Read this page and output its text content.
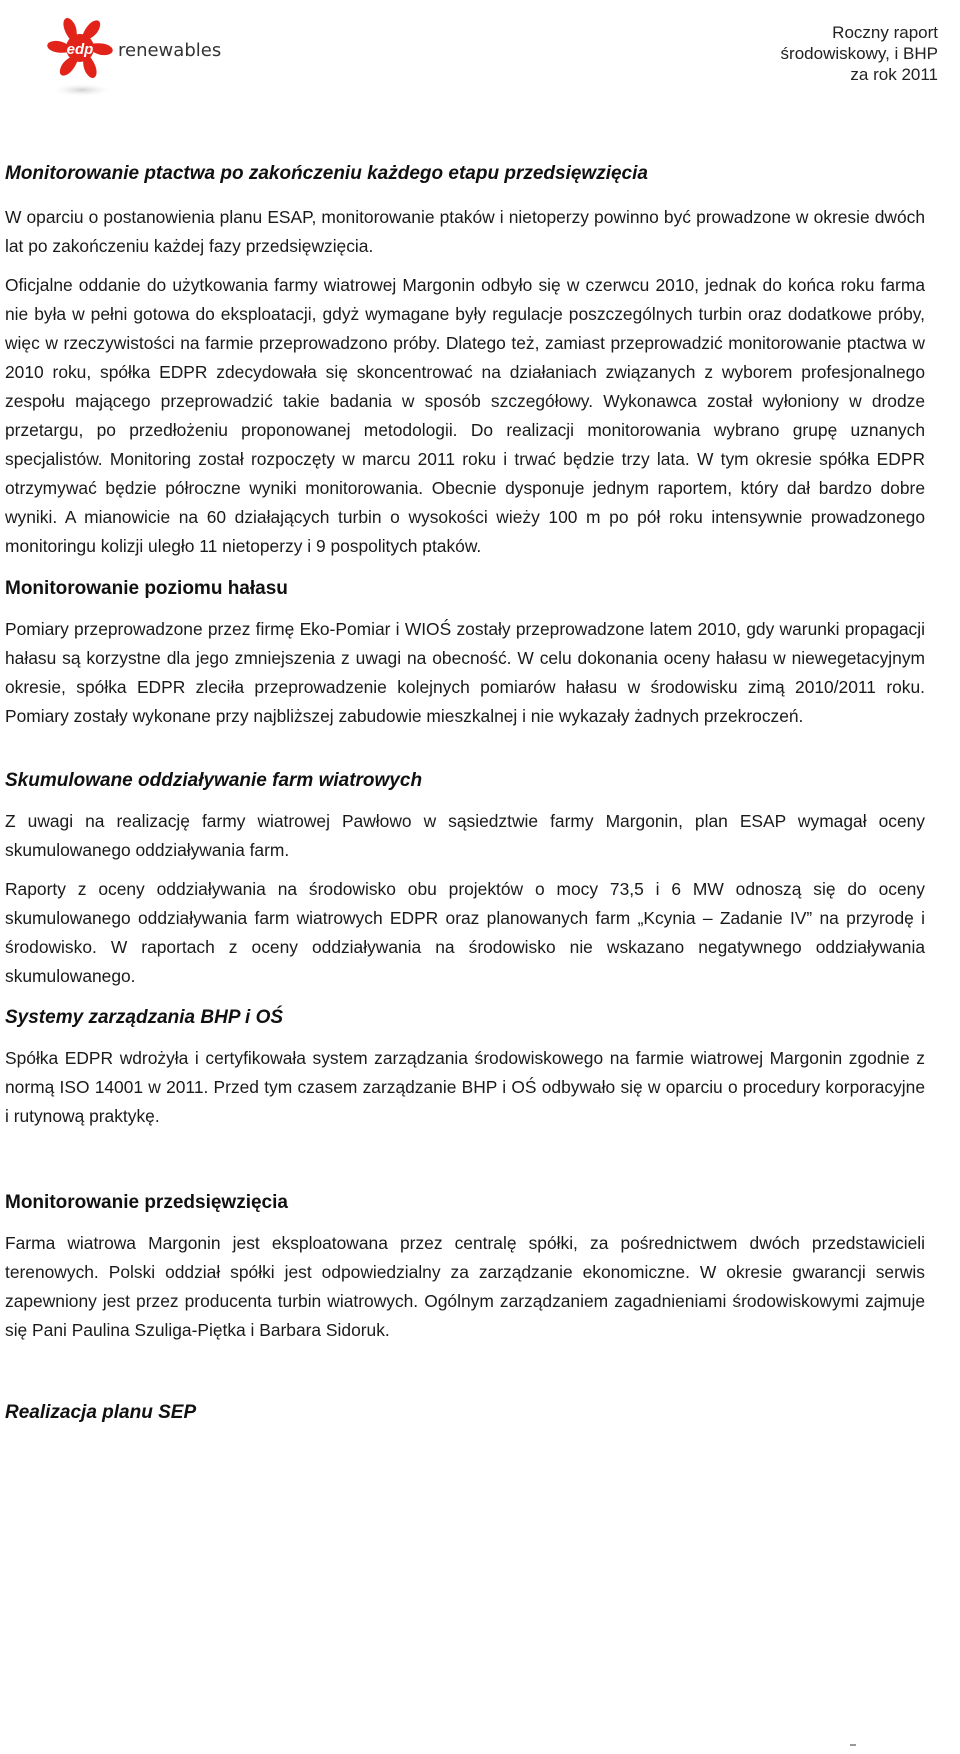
edp renewables
Roczny raport
środowiskowy, i BHP
za rok 2011
Monitorowanie ptactwa po zakończeniu każdego etapu przedsięwzięcia

W oparciu o postanowienia planu ESAP, monitorowanie ptaków i nietoperzy powinno być prowadzone w okresie dwóch lat po zakończeniu każdej fazy przedsięwzięcia.

Oficjalne oddanie do użytkowania farmy wiatrowej Margonin odbyło się w czerwcu 2010, jednak do końca roku farma nie była w pełni gotowa do eksploatacji, gdyż wymagane były regulacje poszczególnych turbin oraz dodatkowe próby, więc w rzeczywistości na farmie przeprowadzono próby. Dlatego też, zamiast przeprowadzić monitorowanie ptactwa w 2010 roku, spółka EDPR zdecydowała się skoncentrować na działaniach związanych z wyborem profesjonalnego zespołu mającego przeprowadzić takie badania w sposób szczegółowy. Wykonawca został wyłoniony w drodze przetargu, po przedłożeniu proponowanej metodologii. Do realizacji monitorowania wybrano grupę uznanych specjalistów. Monitoring został rozpoczęty w marcu 2011 roku i trwać będzie trzy lata. W tym okresie spółka EDPR otrzymywać będzie półroczne wyniki monitorowania. Obecnie dysponuje jednym raportem, który dał bardzo dobre wyniki. A mianowicie na 60 działających turbin o wysokości wieży 100 m po pół roku intensywnie prowadzonego monitoringu kolizji uległo 11 nietoperzy i 9 pospolitych ptaków.

Monitorowanie poziomu hałasu

Pomiary przeprowadzone przez firmę Eko-Pomiar i WIOŚ zostały przeprowadzone latem 2010, gdy warunki propagacji hałasu są korzystne dla jego zmniejszenia z uwagi na obecność. W celu dokonania oceny hałasu w niewegetacyjnym okresie, spółka EDPR zleciła przeprowadzenie kolejnych pomiarów hałasu w środowisku zimą 2010/2011 roku. Pomiary zostały wykonane przy najbliższej zabudowie mieszkalnej i nie wykazały żadnych przekroczeń.

Skumulowane oddziaływanie farm wiatrowych

Z uwagi na realizację farmy wiatrowej Pawłowo w sąsiedztwie farmy Margonin, plan ESAP wymagał oceny skumulowanego oddziaływania farm.

Raporty z oceny oddziaływania na środowisko obu projektów o mocy 73,5 i 6 MW odnoszą się do oceny skumulowanego oddziaływania farm wiatrowych EDPR oraz planowanych farm „Kcynia – Zadanie IV” na przyrodę i środowisko. W raportach z oceny oddziaływania na środowisko nie wskazano negatywnego oddziaływania skumulowanego.

Systemy zarządzania BHP i OŚ

Spółka EDPR wdrożyła i certyfikowała system zarządzania środowiskowego na farmie wiatrowej Margonin zgodnie z normą ISO 14001 w 2011. Przed tym czasem zarządzanie BHP i OŚ odbywało się w oparciu o procedury korporacyjne i rutynową praktykę.

Monitorowanie przedsięwzięcia

Farma wiatrowa Margonin jest eksploatowana przez centralę spółki, za pośrednictwem dwóch przedstawicieli terenowych. Polski oddział spółki jest odpowiedzialny za zarządzanie ekonomiczne. W okresie gwarancji serwis zapewniony jest przez producenta turbin wiatrowych. Ogólnym zarządzaniem zagadnieniami środowiskowymi zajmuje się Pani Paulina Szuliga-Piętka i Barbara Sidoruk.

Realizacja planu SEP
